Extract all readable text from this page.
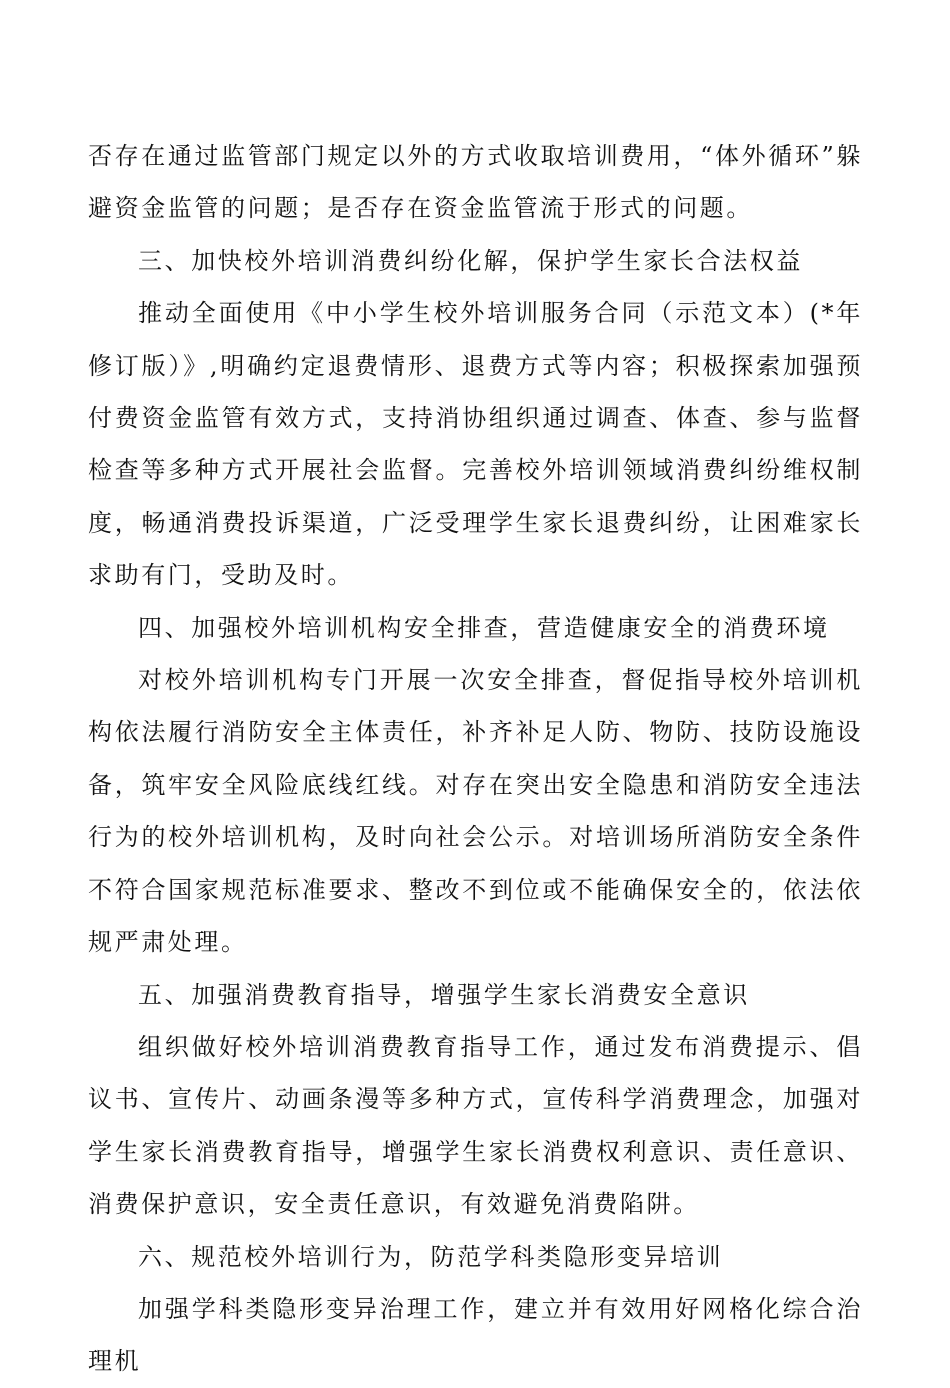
否存在通过监管部门规定以外的方式收取培训费用，“体外循环”躲避资金监管的问题；是否存在资金监管流于形式的问题。

三、加快校外培训消费纠纷化解，保护学生家长合法权益

推动全面使用《中小学生校外培训服务合同（示范文本）(*年修订版）》,明确约定退费情形、退费方式等内容；积极探索加强预付费资金监管有效方式，支持消协组织通过调查、体查、参与监督检查等多种方式开展社会监督。完善校外培训领域消费纠纷维权制度，畅通消费投诉渠道，广泛受理学生家长退费纠纷，让困难家长求助有门，受助及时。

四、加强校外培训机构安全排查，营造健康安全的消费环境

对校外培训机构专门开展一次安全排查，督促指导校外培训机构依法履行消防安全主体责任，补齐补足人防、物防、技防设施设备，筑牢安全风险底线红线。对存在突出安全隐患和消防安全违法行为的校外培训机构，及时向社会公示。对培训场所消防安全条件不符合国家规范标准要求、整改不到位或不能确保安全的，依法依规严肃处理。

五、加强消费教育指导，增强学生家长消费安全意识

组织做好校外培训消费教育指导工作，通过发布消费提示、倡议书、宣传片、动画条漫等多种方式，宣传科学消费理念，加强对学生家长消费教育指导，增强学生家长消费权利意识、责任意识、消费保护意识，安全责任意识，有效避免消费陷阱。

六、规范校外培训行为，防范学科类隐形变异培训

加强学科类隐形变异治理工作，建立并有效用好网格化综合治理机
